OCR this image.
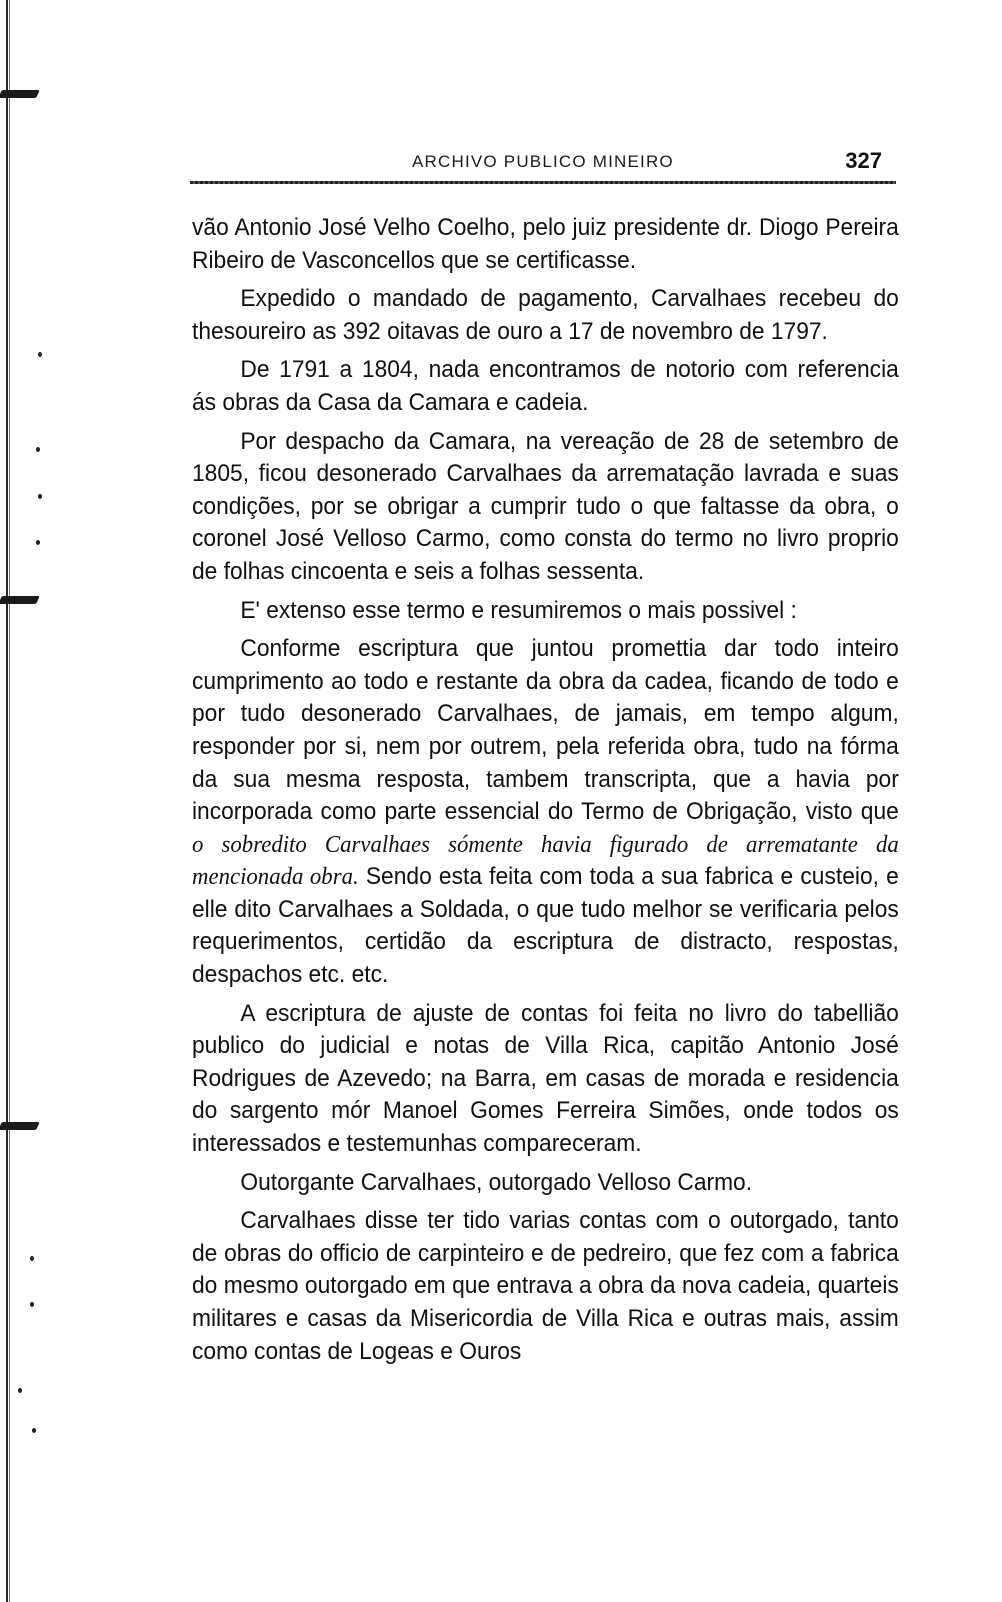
ARCHIVO PUBLICO MINEIRO	327

vão Antonio José Velho Coelho, pelo juiz presidente dr. Diogo Pereira Ribeiro de Vasconcellos que se certificasse.

Expedido o mandado de pagamento, Carvalhaes recebeu do thesoureiro as 392 oitavas de ouro a 17 de novembro de 1797.

De 1791 a 1804, nada encontramos de notorio com referencia ás obras da Casa da Camara e cadeia.

Por despacho da Camara, na vereação de 28 de setembro de 1805, ficou desonerado Carvalhaes da arrematação lavrada e suas condições, por se obrigar a cumprir tudo o que faltasse da obra, o coronel José Velloso Carmo, como consta do termo no livro proprio de folhas cincoenta e seis a folhas sessenta.

E' extenso esse termo e resumiremos o mais possivel :

Conforme escriptura que juntou promettia dar todo inteiro cumprimento ao todo e restante da obra da cadea, ficando de todo e por tudo desonerado Carvalhaes, de jamais, em tempo algum, responder por si, nem por outrem, pela referida obra, tudo na fórma da sua mesma resposta, tambem transcripta, que a havia por incorporada como parte essencial do Termo de Obrigação, visto que o sobredito Carvalhaes sómente havia figurado de arrematante da mencionada obra. Sendo esta feita com toda a sua fabrica e custeio, e elle dito Carvalhaes a Soldada, o que tudo melhor se verificaria pelos requerimentos, certidão da escriptura de distracto, respostas, despachos etc. etc.

A escriptura de ajuste de contas foi feita no livro do tabellião publico do judicial e notas de Villa Rica, capitão Antonio José Rodrigues de Azevedo; na Barra, em casas de morada e residencia do sargento mór Manoel Gomes Ferreira Simões, onde todos os interessados e testemunhas compareceram.

Outorgante Carvalhaes, outorgado Velloso Carmo.

Carvalhaes disse ter tido varias contas com o outorgado, tanto de obras do officio de carpinteiro e de pedreiro, que fez com a fabrica do mesmo outorgado em que entrava a obra da nova cadeia, quarteis militares e casas da Misericordia de Villa Rica e outras mais, assim como contas de Logeas e Ouros
